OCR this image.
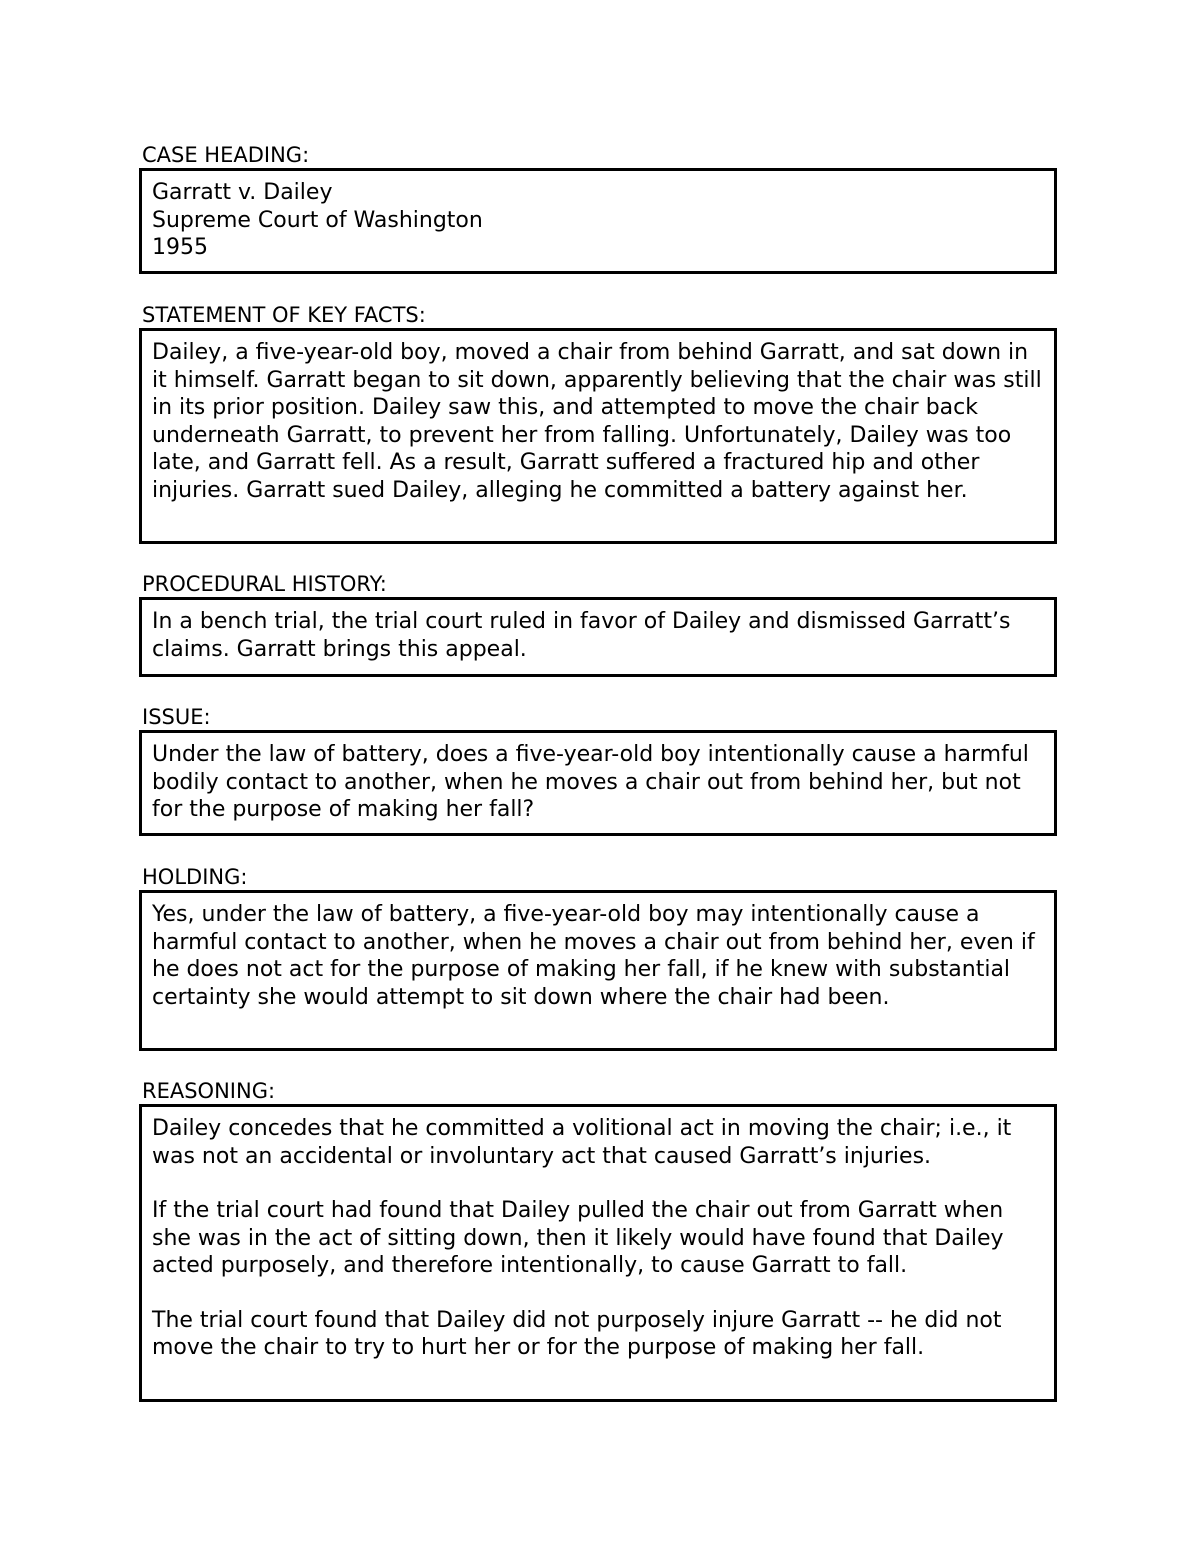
CASE HEADING:
Garratt v. Dailey
Supreme Court of Washington
1955
STATEMENT OF KEY FACTS:

Dailey, a five-year-old boy, moved a chair from behind Garratt, and sat down in it himself. Garratt began to sit down, apparently believing that the chair was still in its prior position. Dailey saw this, and attempted to move the chair back underneath Garratt, to prevent her from falling. Unfortunately, Dailey was too late, and Garratt fell. As a result, Garratt suffered a fractured hip and other injuries. Garratt sued Dailey, alleging he committed a battery against her.

PROCEDURAL HISTORY:

In a bench trial, the trial court ruled in favor of Dailey and dismissed Garratt’s claims. Garratt brings this appeal.

ISSUE:

Under the law of battery, does a five-year-old boy intentionally cause a harmful bodily contact to another, when he moves a chair out from behind her, but not for the purpose of making her fall?

HOLDING:

Yes, under the law of battery, a five-year-old boy may intentionally cause a harmful contact to another, when he moves a chair out from behind her, even if he does not act for the purpose of making her fall, if he knew with substantial certainty she would attempt to sit down where the chair had been.

REASONING:

Dailey concedes that he committed a volitional act in moving the chair; i.e., it was not an accidental or involuntary act that caused Garratt’s injuries.

If the trial court had found that Dailey pulled the chair out from Garratt when she was in the act of sitting down, then it likely would have found that Dailey acted purposely, and therefore intentionally, to cause Garratt to fall.

The trial court found that Dailey did not purposely injure Garratt -- he did not move the chair to try to hurt her or for the purpose of making her fall.
